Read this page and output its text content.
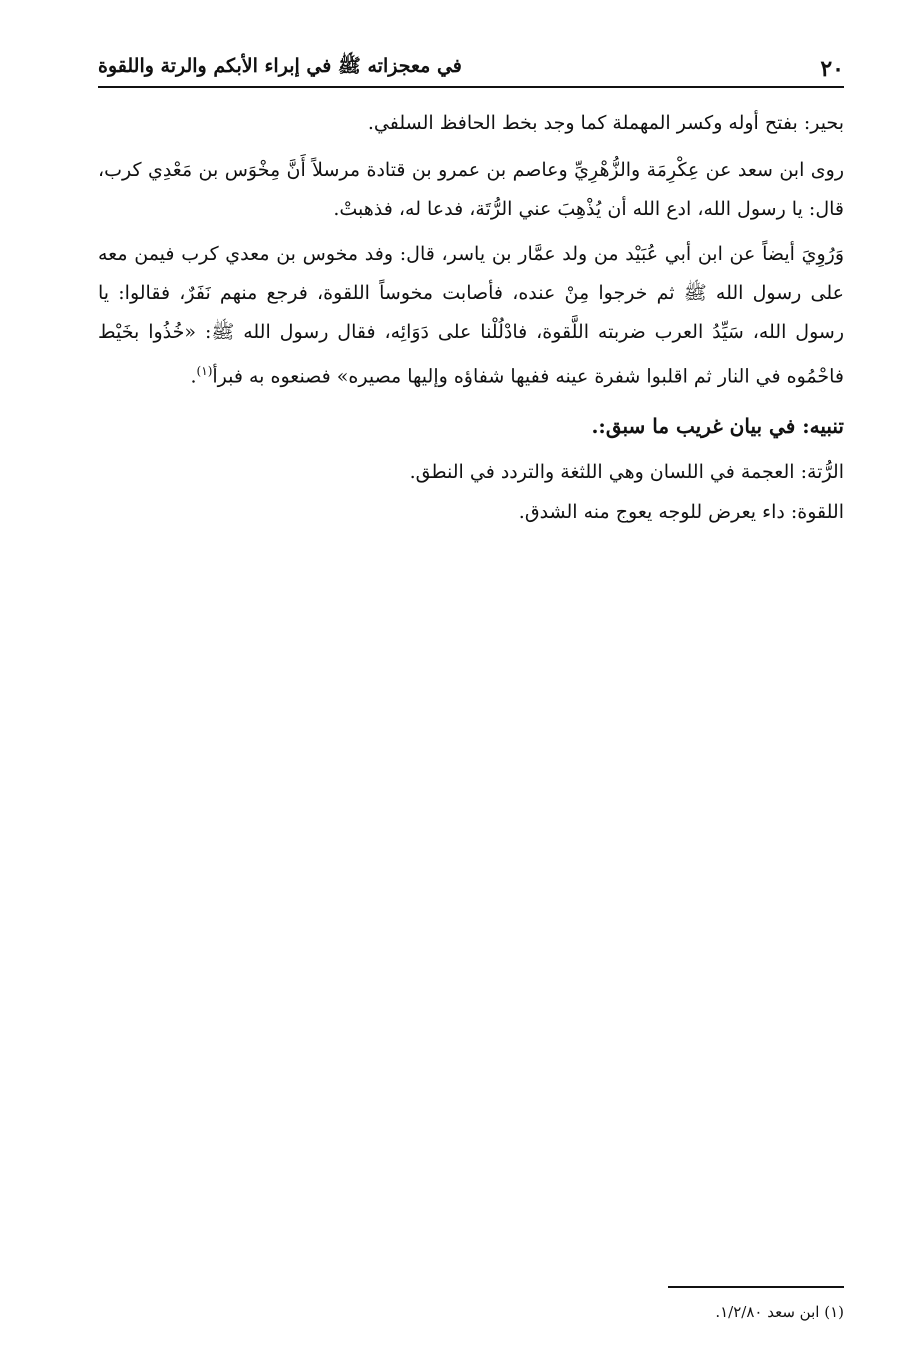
٢٠
في معجزاته ﷺ في إبراء الأبكم والرتة واللقوة

بحير: بفتح أوله وكسر المهملة كما وجد بخط الحافظ السلفي.

روى ابن سعد عن عِكْرِمَة والزُّهْرِيِّ وعاصم بن عمرو بن قتادة مرسلاً أَنَّ مِخْوَس بن مَعْدِي كرب، قال: يا رسول الله، ادع الله أن يُذْهِبَ عني الرُّتَة، فدعا له، فذهبتْ.

وَرُوِيَ أيضاً عن ابن أبي عُبَيْد من ولد عمَّار بن ياسر، قال: وفد مخوس بن معدي كرب فيمن معه على رسول الله ﷺ ثم خرجوا مِنْ عنده، فأصابت مخوساً اللقوة، فرجع منهم نَفَرٌ، فقالوا: يا رسول الله، سَيِّدُ العرب ضربته اللَّقوة، فادْلُلْنا على دَوَائِه، فقال رسول الله ﷺ: «خُذُوا بخَيْط فاحْمُوه في النار ثم اقلبوا شفرة عينه ففيها شفاؤه وإليها مصيره» فصنعوه به فبرأ$^{(١)}$.

تنبيه: في بيان غريب ما سبق:.

الرُّتة: العجمة في اللسان وهي اللثغة والتردد في النطق.

اللقوة: داء يعرض للوجه يعوج منه الشدق.

(١) ابن سعد ١/٢/٨٠.
